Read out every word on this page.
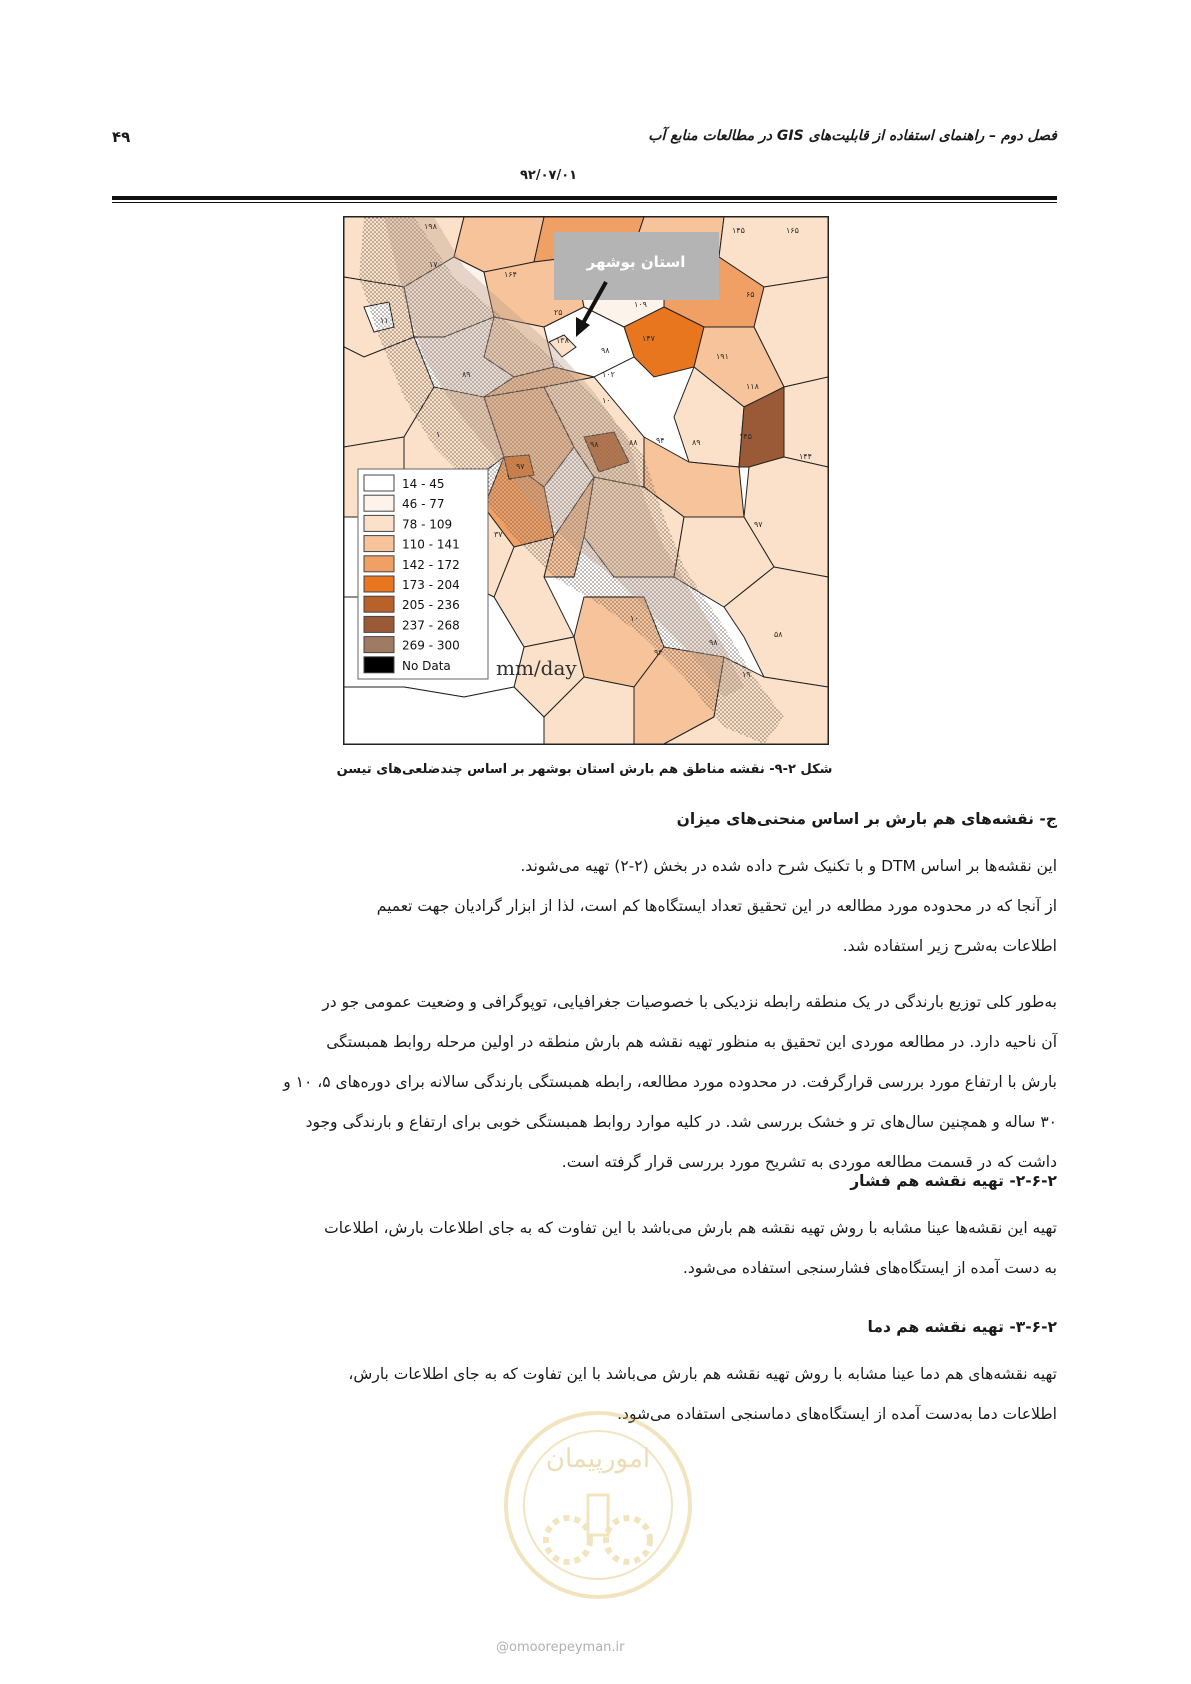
فصل دوم – راهنمای استفاده از قابلیت‌های GIS در مطالعات منابع آب
۴۹
۹۲/۰۷/۰۱
۱۹۸	۱۴۵	۱۶۵
۱۶۴
۱۷
۶۵
۲۵
۱۰۹
۱۴۷
۱۳۸
۹۸
۱۹۱
۱۰۲
۸۹
۱۰
۱۱۸
۱
۹۸	۸۸ ۹۴	۸۹
۱۴۵
۱۴۴
۹۷
۳۷
۹۷
۱۰
۹۴
۹۸
۵۸
۱۹
۱۱
استان بوشهر
14 - 45
46 - 77
78 - 109
110 - 141
142 - 172
173 - 204
205 - 236
237 - 268
269 - 300
No Data mm/day
شکل ۲-۹- نقشه مناطق هم بارش استان بوشهر بر اساس چندضلعی‌های تیسن
ج- نقشه‌های هم بارش بر اساس منحنی‌های میزان
این نقشه‌ها بر اساس DTM و با تکنیک شرح داده شده در بخش (۲-۲) تهیه می‌شوند.
از آنجا که در محدوده مورد مطالعه در این تحقیق تعداد ایستگاه‌ها کم است، لذا از ابزار گرادیان جهت تعمیم
اطلاعات به‌شرح زیر استفاده شد.
به‌طور کلی توزیع بارندگی در یک منطقه رابطه نزدیکی با خصوصیات جغرافیایی، توپوگرافی و وضعیت عمومی جو در
آن ناحیه دارد. در مطالعه موردی این تحقیق به منظور تهیه نقشه هم بارش منطقه در اولین مرحله روابط همبستگی
بارش با ارتفاع مورد بررسی قرارگرفت. در محدوده مورد مطالعه، رابطه همبستگی بارندگی سالانه برای دوره‌های ۵، ۱۰ و
۳۰ ساله و همچنین سال‌های تر و خشک بررسی شد. در کلیه موارد روابط همبستگی خوبی برای ارتفاع و بارندگی وجود
داشت که در قسمت مطالعه موردی به تشریح مورد بررسی قرار گرفته است.
۲-۶-۲- تهیه نقشه هم فشار
تهیه این نقشه‌ها عینا مشابه با روش تهیه نقشه هم بارش می‌باشد با این تفاوت که به جای اطلاعات بارش، اطلاعات
به دست آمده از ایستگاه‌های فشارسنجی استفاده می‌شود.
۳-۶-۲- تهیه نقشه هم دما
تهیه نقشه‌های هم دما عینا مشابه با روش تهیه نقشه هم بارش می‌باشد با این تفاوت که به جای اطلاعات بارش،
اطلاعات دما به‌دست آمده از ایستگاه‌های دماسنجی استفاده می‌شود.
امورپیمان
@omoorepeyman.ir
